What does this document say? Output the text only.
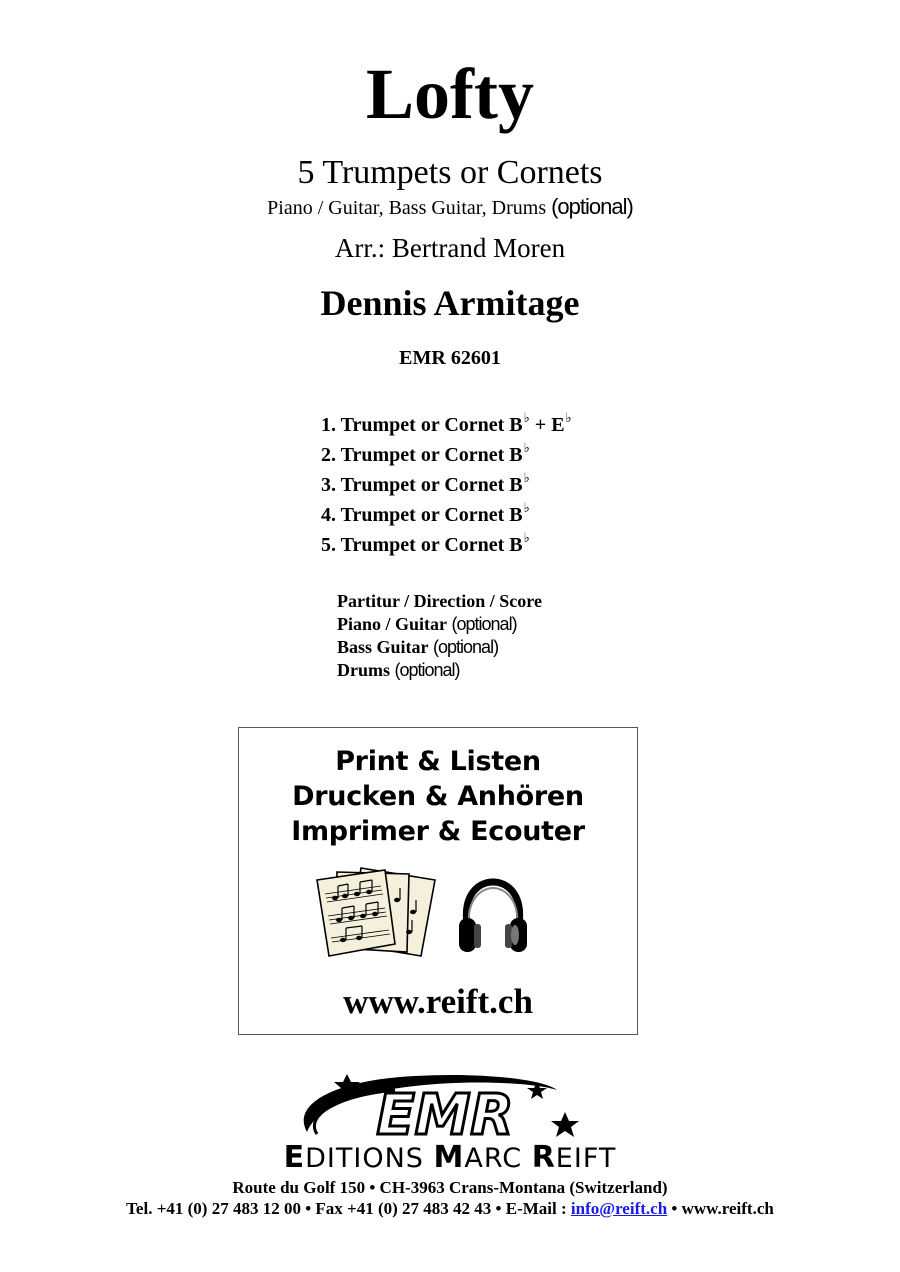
Lofty
5 Trumpets or Cornets
Piano / Guitar, Bass Guitar, Drums (optional)
Arr.: Bertrand Moren
Dennis Armitage
EMR 62601
1. Trumpet or Cornet B♭ + E♭
2. Trumpet or Cornet B♭
3. Trumpet or Cornet B♭
4. Trumpet or Cornet B♭
5. Trumpet or Cornet B♭
Partitur / Direction / Score
Piano / Guitar (optional)
Bass Guitar (optional)
Drums (optional)
Print & Listen
Drucken & Anhören
Imprimer & Ecouter
www.reift.ch
EMR
EDITIONS MARC REIFT
Route du Golf 150 • CH-3963 Crans-Montana (Switzerland)
Tel. +41 (0) 27 483 12 00 • Fax +41 (0) 27 483 42 43 • E-Mail : info@reift.ch • www.reift.ch
